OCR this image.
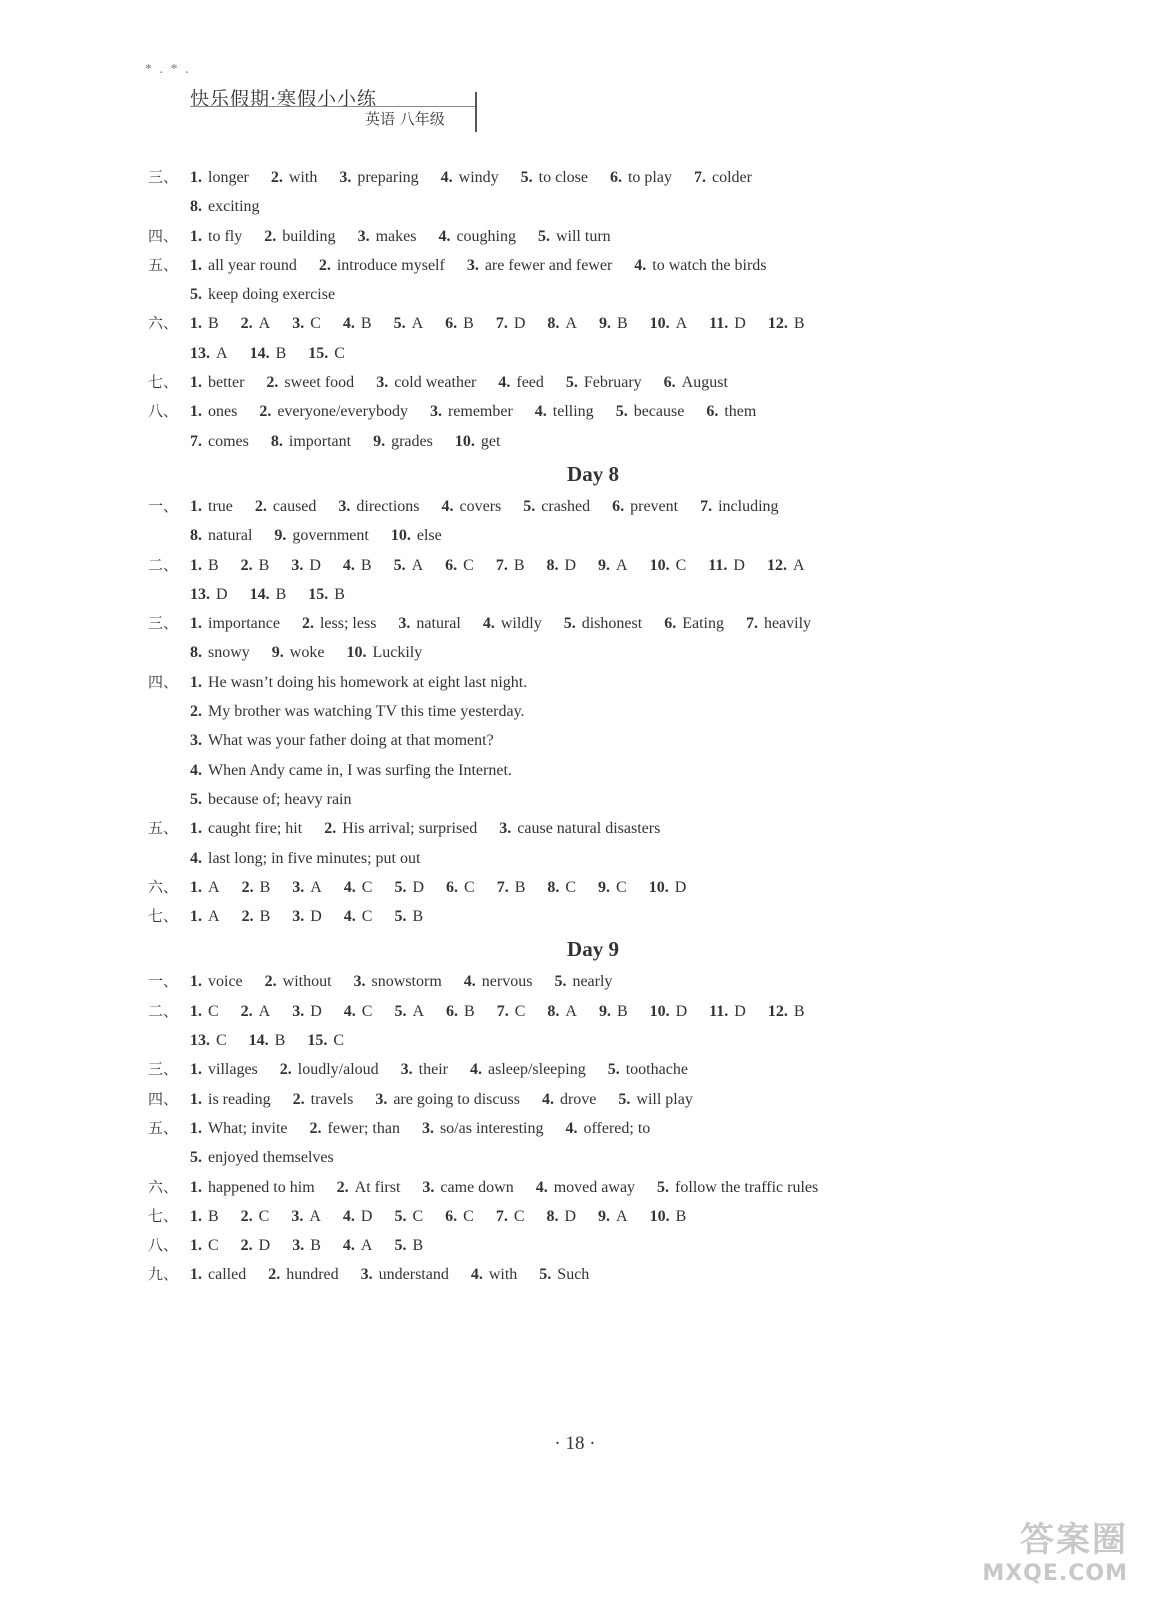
* . * .
快乐假期·寒假小小练
英语 八年级
三、 1. longer 2. with 3. preparing 4. windy 5. to close 6. to play 7. colder
8. exciting
四、 1. to fly 2. building 3. makes 4. coughing 5. will turn
五、 1. all year round 2. introduce myself 3. are fewer and fewer 4. to watch the birds
5. keep doing exercise
六、 1. B 2. A 3. C 4. B 5. A 6. B 7. D 8. A 9. B 10. A 11. D 12. B
13. A 14. B 15. C
七、 1. better 2. sweet food 3. cold weather 4. feed 5. February 6. August
八、 1. ones 2. everyone/everybody 3. remember 4. telling 5. because 6. them
7. comes 8. important 9. grades 10. get
Day 8
一、 1. true 2. caused 3. directions 4. covers 5. crashed 6. prevent 7. including
8. natural 9. government 10. else
二、 1. B 2. B 3. D 4. B 5. A 6. C 7. B 8. D 9. A 10. C 11. D 12. A
13. D 14. B 15. B
三、 1. importance 2. less; less 3. natural 4. wildly 5. dishonest 6. Eating 7. heavily
8. snowy 9. woke 10. Luckily
四、 1. He wasn’t doing his homework at eight last night.
2. My brother was watching TV this time yesterday.
3. What was your father doing at that moment?
4. When Andy came in, I was surfing the Internet.
5. because of; heavy rain
五、 1. caught fire; hit 2. His arrival; surprised 3. cause natural disasters
4. last long; in five minutes; put out
六、 1. A 2. B 3. A 4. C 5. D 6. C 7. B 8. C 9. C 10. D
七、 1. A 2. B 3. D 4. C 5. B
Day 9
一、 1. voice 2. without 3. snowstorm 4. nervous 5. nearly
二、 1. C 2. A 3. D 4. C 5. A 6. B 7. C 8. A 9. B 10. D 11. D 12. B
13. C 14. B 15. C
三、 1. villages 2. loudly/aloud 3. their 4. asleep/sleeping 5. toothache
四、 1. is reading 2. travels 3. are going to discuss 4. drove 5. will play
五、 1. What; invite 2. fewer; than 3. so/as interesting 4. offered; to
5. enjoyed themselves
六、 1. happened to him 2. At first 3. came down 4. moved away 5. follow the traffic rules
七、 1. B 2. C 3. A 4. D 5. C 6. C 7. C 8. D 9. A 10. B
八、 1. C 2. D 3. B 4. A 5. B
九、 1. called 2. hundred 3. understand 4. with 5. Such
· 18 ·
答案圈
MXQE.COM
